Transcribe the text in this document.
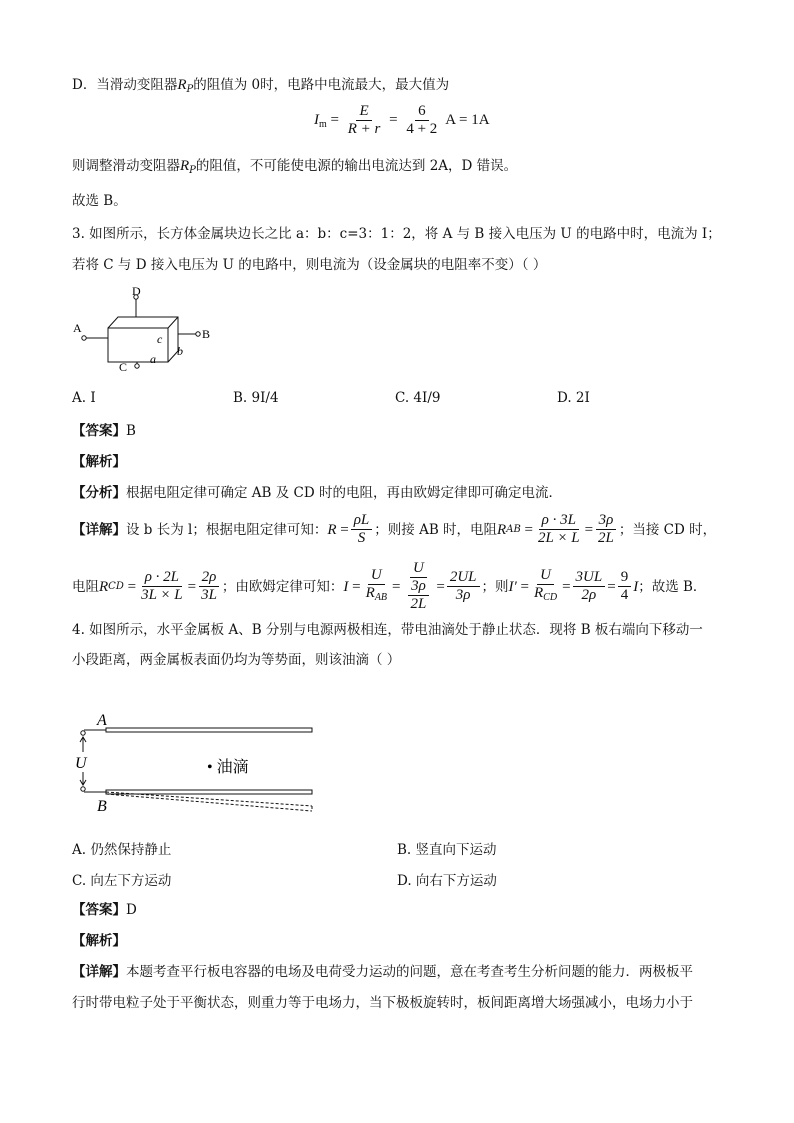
D．当滑动变阻器$R_P$的阻值为 0时，电路中电流最大，最大值为
$I_m = \frac{E}{R + r} = \frac{6}{4 + 2}$ A = 1A
则调整滑动变阻器$R_P$的阻值，不可能使电源的输出电流达到 2A，D 错误。
故选 B。
3. 如图所示，长方体金属块边长之比 a：b：c=3：1：2，将 A 与 B 接入电压为 U 的电路中时，电流为 I；
若将 C 与 D 接入电压为 U 的电路中，则电流为（设金属块的电阻率不变）（ ）
D
A	B
C
a
b
c
A. I	B. 9I/4	C. 4I/9	D. 2I
【答案】B
【解析】
【分析】根据电阻定律可确定 AB 及 CD 时的电阻，再由欧姆定律即可确定电流．
【详解】 设 b 长为 l；根据电阻定律可知： $R = \frac{\rho L}{S}$ ；则接 AB 时，电阻 R AB = $\frac{\rho \cdot 3L}{2L \times L} = \frac{3\rho}{2L}$ ；当接 CD 时，
电阻 R CD = $\frac{\rho \cdot 2L}{3L \times L} = \frac{2\rho}{3L}$ ；由欧姆定律可知： $I = \frac{U}{R_{AB}} = \frac{U}{\frac{3\rho}{2L}} = \frac{2UL}{3\rho}$ ；则 $I' = \frac{U}{R_{CD}} = \frac{3UL}{2\rho} = \frac{9}{4}$ I ；故选 B．
4. 如图所示，水平金属板 A、B 分别与电源两极相连，带电油滴处于静止状态．现将 B 板右端向下移动一
小段距离，两金属板表面仍均为等势面，则该油滴（ ）
A
B
U	• 油滴
A. 仍然保持静止	B. 竖直向下运动
C. 向左下方运动	D. 向右下方运动
【答案】D
【解析】
【详解】本题考查平行板电容器的电场及电荷受力运动的问题，意在考查考生分析问题的能力．两极板平
行时带电粒子处于平衡状态，则重力等于电场力，当下极板旋转时，板间距离增大场强减小，电场力小于
